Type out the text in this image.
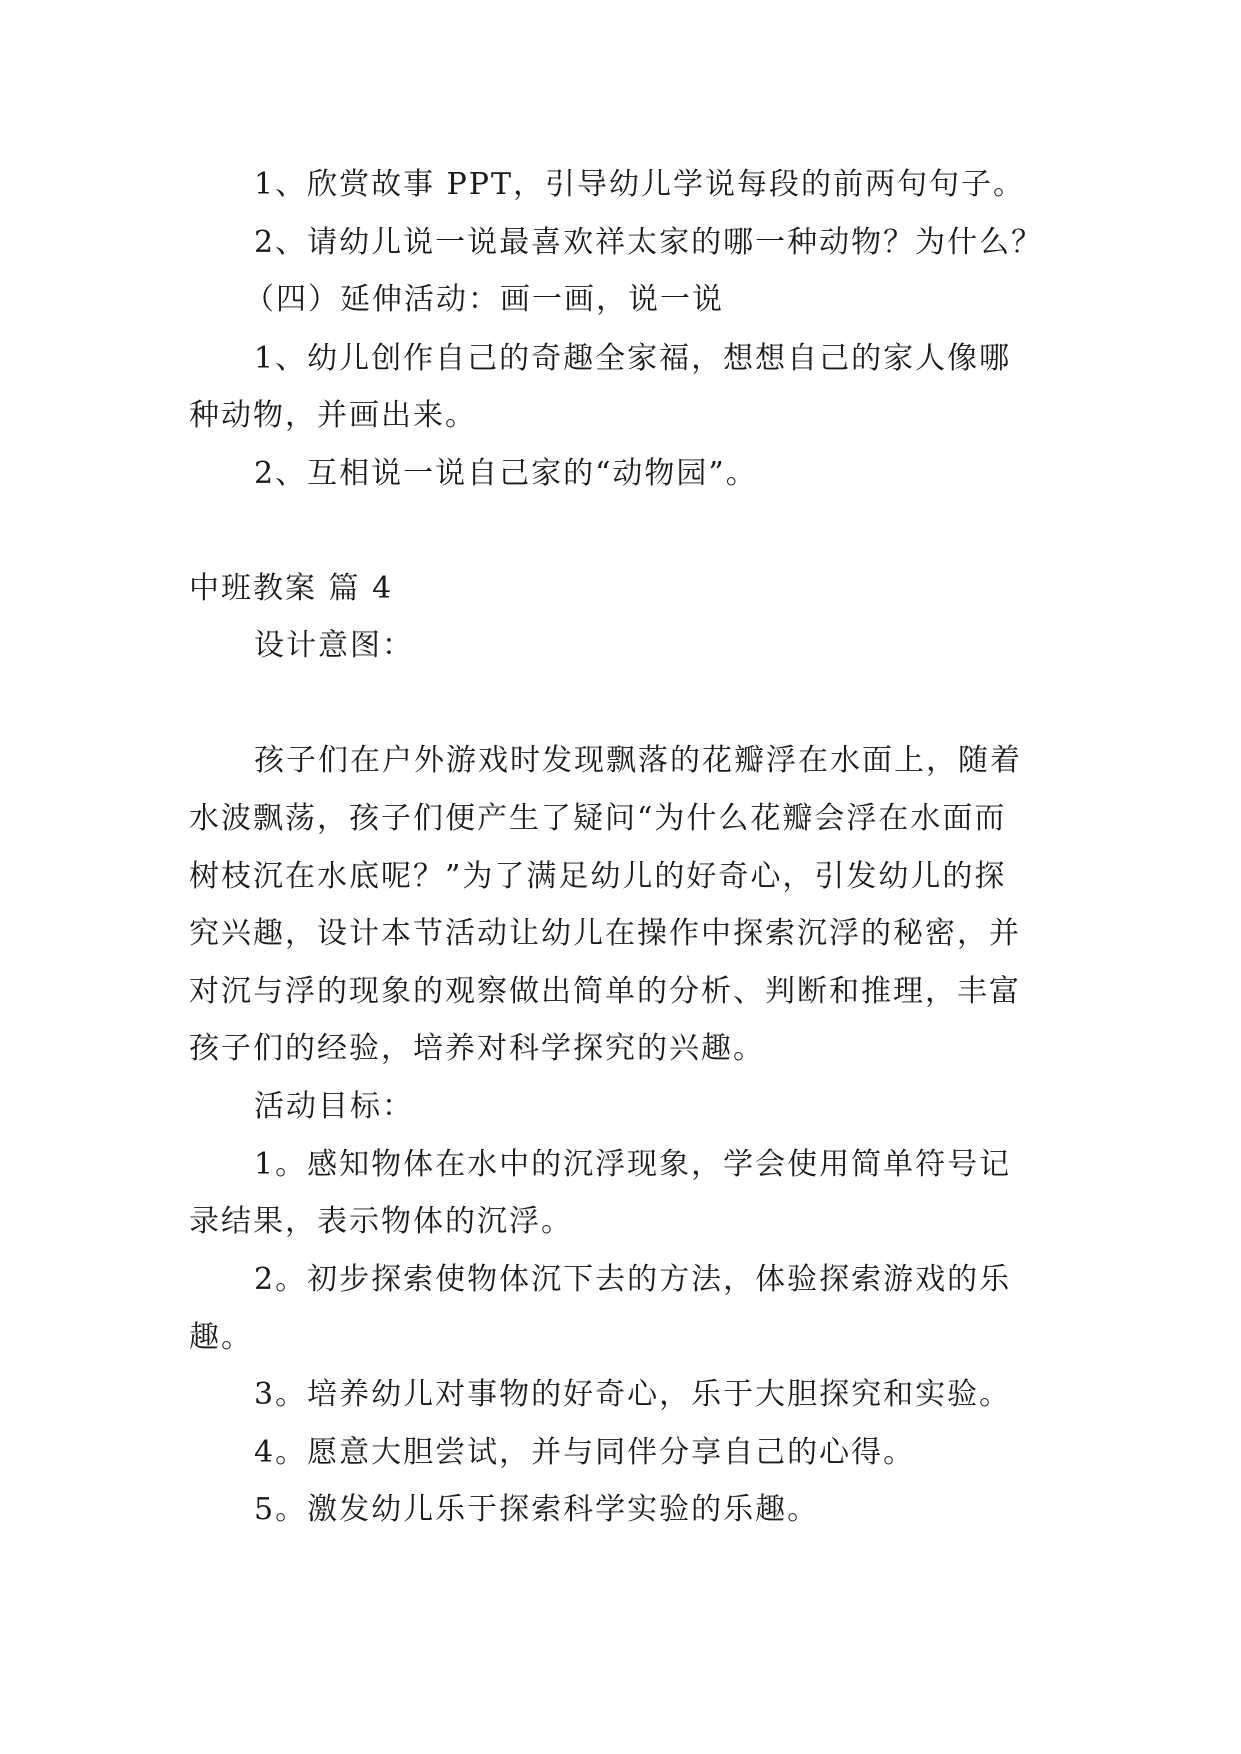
1、欣赏故事 PPT，引导幼儿学说每段的前两句句子。

2、请幼儿说一说最喜欢祥太家的哪一种动物？为什么？

（四）延伸活动：画一画，说一说

1、幼儿创作自己的奇趣全家福，想想自己的家人像哪

种动物，并画出来。

2、互相说一说自己家的“动物园”。

中班教案 篇 4

设计意图：

孩子们在户外游戏时发现飘落的花瓣浮在水面上，随着

水波飘荡，孩子们便产生了疑问“为什么花瓣会浮在水面而

树枝沉在水底呢？”为了满足幼儿的好奇心，引发幼儿的探

究兴趣，设计本节活动让幼儿在操作中探索沉浮的秘密，并

对沉与浮的现象的观察做出简单的分析、判断和推理，丰富

孩子们的经验，培养对科学探究的兴趣。

活动目标：

1。感知物体在水中的沉浮现象，学会使用简单符号记

录结果，表示物体的沉浮。

2。初步探索使物体沉下去的方法，体验探索游戏的乐

趣。

3。培养幼儿对事物的好奇心，乐于大胆探究和实验。

4。愿意大胆尝试，并与同伴分享自己的心得。

5。激发幼儿乐于探索科学实验的乐趣。
